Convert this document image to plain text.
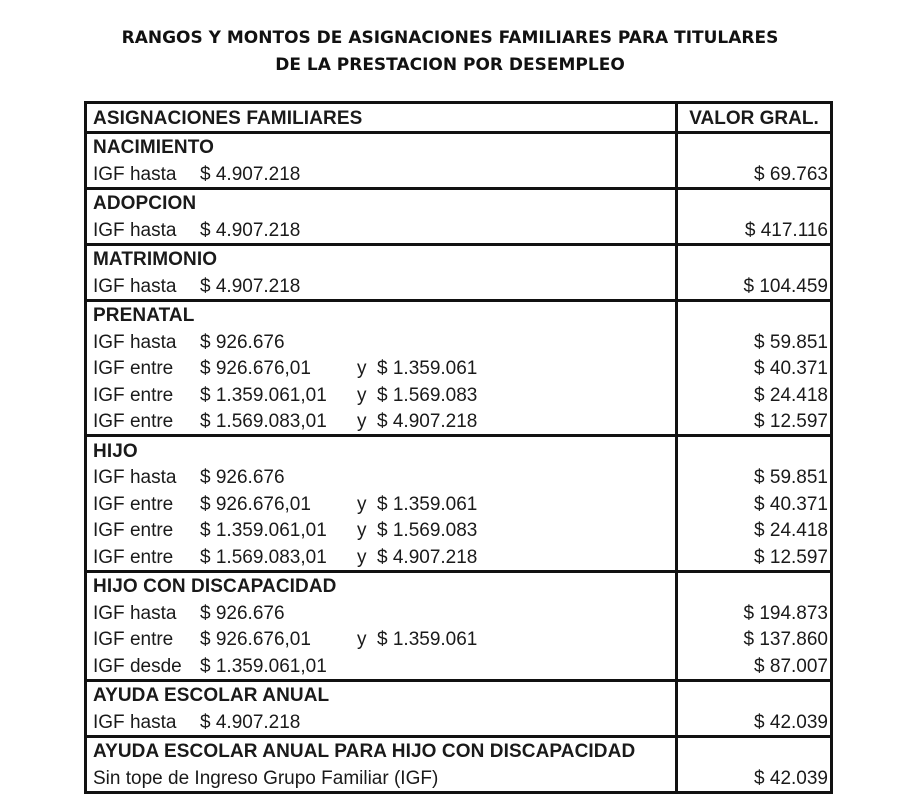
RANGOS Y MONTOS DE ASIGNACIONES FAMILIARES PARA TITULARES
DE LA PRESTACION POR DESEMPLEO
ASIGNACIONES FAMILIARES	VALOR GRAL.
NACIMIENTO
IGF hasta $ 4.907.218	$ 69.763
ADOPCION
IGF hasta $ 4.907.218	$ 417.116
MATRIMONIO
IGF hasta $ 4.907.218	$ 104.459
PRENATAL
IGF hasta $ 926.676	$ 59.851
IGF entre $ 926.676,01 y $ 1.359.061	$ 40.371
IGF entre $ 1.359.061,01 y $ 1.569.083	$ 24.418
IGF entre $ 1.569.083,01 y $ 4.907.218	$ 12.597
HIJO
IGF hasta $ 926.676	$ 59.851
IGF entre $ 926.676,01 y $ 1.359.061	$ 40.371
IGF entre $ 1.359.061,01 y $ 1.569.083	$ 24.418
IGF entre $ 1.569.083,01 y $ 4.907.218	$ 12.597
HIJO CON DISCAPACIDAD
IGF hasta $ 926.676	$ 194.873
IGF entre $ 926.676,01 y $ 1.359.061	$ 137.860
IGF desde $ 1.359.061,01	$ 87.007
AYUDA ESCOLAR ANUAL
IGF hasta $ 4.907.218	$ 42.039
AYUDA ESCOLAR ANUAL PARA HIJO CON DISCAPACIDAD
Sin tope de Ingreso Grupo Familiar (IGF)	$ 42.039
